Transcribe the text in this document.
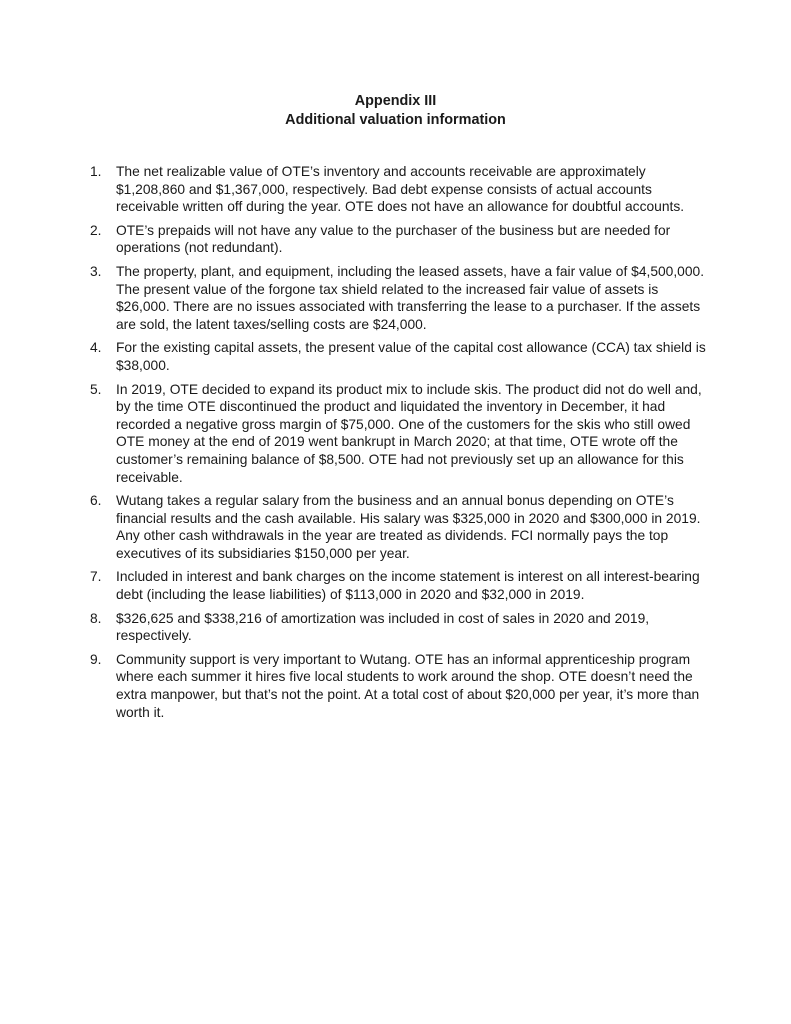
Appendix III
Additional valuation information
1. The net realizable value of OTE’s inventory and accounts receivable are approximately $1,208,860 and $1,367,000, respectively. Bad debt expense consists of actual accounts receivable written off during the year. OTE does not have an allowance for doubtful accounts.
2. OTE’s prepaids will not have any value to the purchaser of the business but are needed for operations (not redundant).
3. The property, plant, and equipment, including the leased assets, have a fair value of $4,500,000. The present value of the forgone tax shield related to the increased fair value of assets is $26,000. There are no issues associated with transferring the lease to a purchaser. If the assets are sold, the latent taxes/selling costs are $24,000.
4. For the existing capital assets, the present value of the capital cost allowance (CCA) tax shield is $38,000.
5. In 2019, OTE decided to expand its product mix to include skis. The product did not do well and, by the time OTE discontinued the product and liquidated the inventory in December, it had recorded a negative gross margin of $75,000. One of the customers for the skis who still owed OTE money at the end of 2019 went bankrupt in March 2020; at that time, OTE wrote off the customer’s remaining balance of $8,500. OTE had not previously set up an allowance for this receivable.
6. Wutang takes a regular salary from the business and an annual bonus depending on OTE’s financial results and the cash available. His salary was $325,000 in 2020 and $300,000 in 2019. Any other cash withdrawals in the year are treated as dividends. FCI normally pays the top executives of its subsidiaries $150,000 per year.
7. Included in interest and bank charges on the income statement is interest on all interest-bearing debt (including the lease liabilities) of $113,000 in 2020 and $32,000 in 2019.
8. $326,625 and $338,216 of amortization was included in cost of sales in 2020 and 2019, respectively.
9. Community support is very important to Wutang. OTE has an informal apprenticeship program where each summer it hires five local students to work around the shop. OTE doesn’t need the extra manpower, but that’s not the point. At a total cost of about $20,000 per year, it’s more than worth it.
